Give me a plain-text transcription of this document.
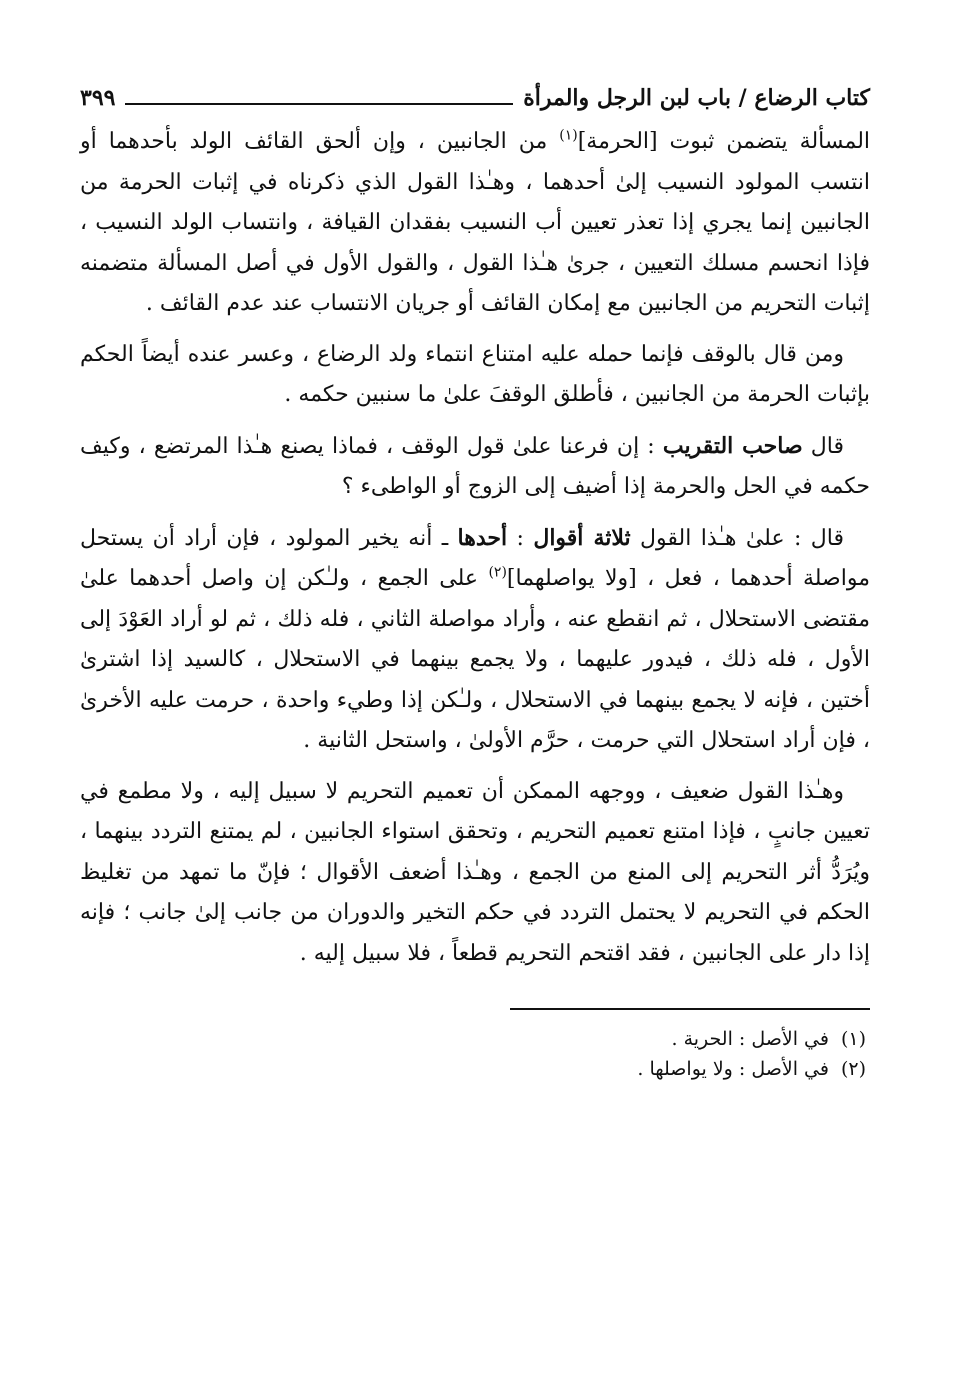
كتاب الرضاع / باب لبن الرجل والمرأة
٣٩٩

المسألة يتضمن ثبوت [الحرمة]$^{(١)}$ من الجانبين ، وإن ألحق القائف الولد بأحدهما أو انتسب المولود النسيب إلىٰ أحدهما ، وهـٰذا القول الذي ذكرناه في إثبات الحرمة من الجانبين إنما يجري إذا تعذر تعيين أب النسيب بفقدان القيافة ، وانتساب الولد النسيب ، فإذا انحسم مسلك التعيين ، جرىٰ هـٰذا القول ، والقول الأول في أصل المسألة متضمنه إثبات التحريم من الجانبين مع إمكان القائف أو جريان الانتساب عند عدم القائف .

ومن قال بالوقف فإنما حمله عليه امتناع انتماء ولد الرضاع ، وعسر عنده أيضاً الحكم بإثبات الحرمة من الجانبين ، فأطلق الوقفَ علىٰ ما سنبين حكمه .

قال صاحب التقريب : إن فرعنا علىٰ قول الوقف ، فماذا يصنع هـٰذا المرتضع ، وكيف حكمه في الحل والحرمة إذا أضيف إلى الزوج أو الواطىء ؟

قال : علىٰ هـٰذا القول ثلاثة أقوال : أحدها ـ أنه يخير المولود ، فإن أراد أن يستحل مواصلة أحدهما ، فعل ، [ولا يواصلهما]$^{(٢)}$ على الجمع ، ولـٰكن إن واصل أحدهما علىٰ مقتضى الاستحلال ، ثم انقطع عنه ، وأراد مواصلة الثاني ، فله ذلك ، ثم لو أراد العَوْدَ إلى الأول ، فله ذلك ، فيدور عليهما ، ولا يجمع بينهما في الاستحلال ، كالسيد إذا اشترىٰ أختين ، فإنه لا يجمع بينهما في الاستحلال ، ولـٰكن إذا وطيء واحدة ، حرمت عليه الأخرىٰ ، فإن أراد استحلال التي حرمت ، حرَّم الأولىٰ ، واستحل الثانية .

وهـٰذا القول ضعيف ، ووجهه الممكن أن تعميم التحريم لا سبيل إليه ، ولا مطمع في تعيين جانبٍ ، فإذا امتنع تعميم التحريم ، وتحقق استواء الجانبين ، لم يمتنع التردد بينهما ، ويُرَدُّ أثر التحريم إلى المنع من الجمع ، وهـٰذا أضعف الأقوال ؛ فإنّ ما تمهد من تغليظ الحكم في التحريم لا يحتمل التردد في حكم التخير والدوران من جانب إلىٰ جانب ؛ فإنه إذا دار على الجانبين ، فقد اقتحم التحريم قطعاً ، فلا سبيل إليه .

(١)في الأصل : الحرية .

(٢)في الأصل : ولا يواصلها .
